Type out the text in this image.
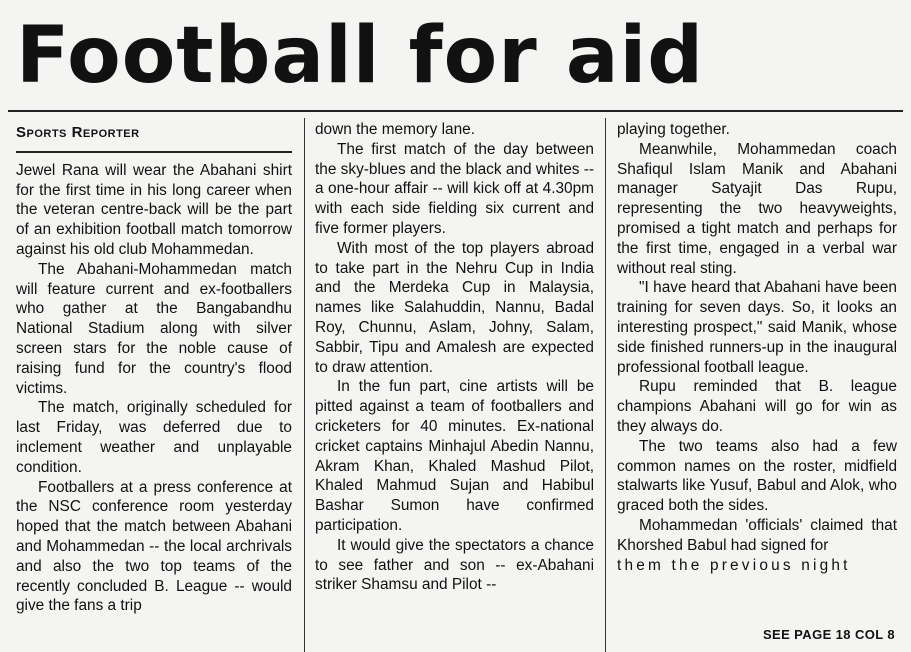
Football for aid
Sports Reporter

Jewel Rana will wear the Abahani shirt for the first time in his long career when the veteran centre-back will be the part of an exhibition football match tomorrow against his old club Mohammedan.

The Abahani-Mohammedan match will feature current and ex-footballers who gather at the Bangabandhu National Stadium along with silver screen stars for the noble cause of raising fund for the country's flood victims.

The match, originally scheduled for last Friday, was deferred due to inclement weather and unplayable condition.

Footballers at a press conference at the NSC conference room yesterday hoped that the match between Abahani and Mohammedan -- the local archrivals and also the two top teams of the recently concluded B. League -- would give the fans a trip

down the memory lane.

The first match of the day between the sky-blues and the black and whites -- a one-hour affair -- will kick off at 4.30pm with each side fielding six current and five former players.

With most of the top players abroad to take part in the Nehru Cup in India and the Merdeka Cup in Malaysia, names like Salahuddin, Nannu, Badal Roy, Chunnu, Aslam, Johny, Salam, Sabbir, Tipu and Amalesh are expected to draw attention.

In the fun part, cine artists will be pitted against a team of footballers and cricketers for 40 minutes. Ex-national cricket captains Minhajul Abedin Nannu, Akram Khan, Khaled Mashud Pilot, Khaled Mahmud Sujan and Habibul Bashar Sumon have confirmed participation.

It would give the spectators a chance to see father and son -- ex-Abahani striker Shamsu and Pilot --

playing together.

Meanwhile, Mohammedan coach Shafiqul Islam Manik and Abahani manager Satyajit Das Rupu, representing the two heavyweights, promised a tight match and perhaps for the first time, engaged in a verbal war without real sting.

"I have heard that Abahani have been training for seven days. So, it looks an interesting prospect," said Manik, whose side finished runners-up in the inaugural professional football league.

Rupu reminded that B. league champions Abahani will go for win as they always do.

The two teams also had a few common names on the roster, midfield stalwarts like Yusuf, Babul and Alok, who graced both the sides.

Mohammedan 'officials' claimed that Khorshed Babul had signed for

them the previous night

SEE PAGE 18 COL 8
